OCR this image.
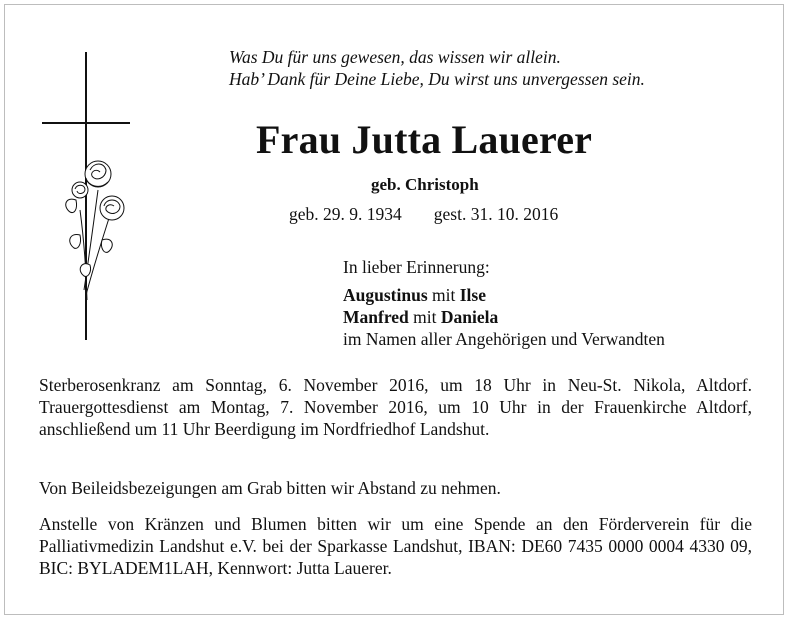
Was Du für uns gewesen, das wissen wir allein.
Hab’ Dank für Deine Liebe, Du wirst uns unvergessen sein.
Frau Jutta Lauerer
geb. Christoph
geb. 29. 9. 1934 gest. 31. 10. 2016
In lieber Erinnerung:
Augustinus mit Ilse
Manfred mit Daniela
im Namen aller Angehörigen und Verwandten

Sterberosenkranz am Sonntag, 6. November 2016, um 18 Uhr in Neu-St. Nikola, Altdorf. Trauergottesdienst am Montag, 7. November 2016, um 10 Uhr in der Frauenkirche Altdorf, anschließend um 11 Uhr Beerdigung im Nordfriedhof Landshut.

Von Beileidsbezeigungen am Grab bitten wir Abstand zu nehmen.

Anstelle von Kränzen und Blumen bitten wir um eine Spende an den Förderverein für die Palliativmedizin Landshut e.V. bei der Sparkasse Landshut, IBAN: DE60 7435 0000 0004 4330 09, BIC: BYLADEM1LAH, Kennwort: Jutta Lauerer.
